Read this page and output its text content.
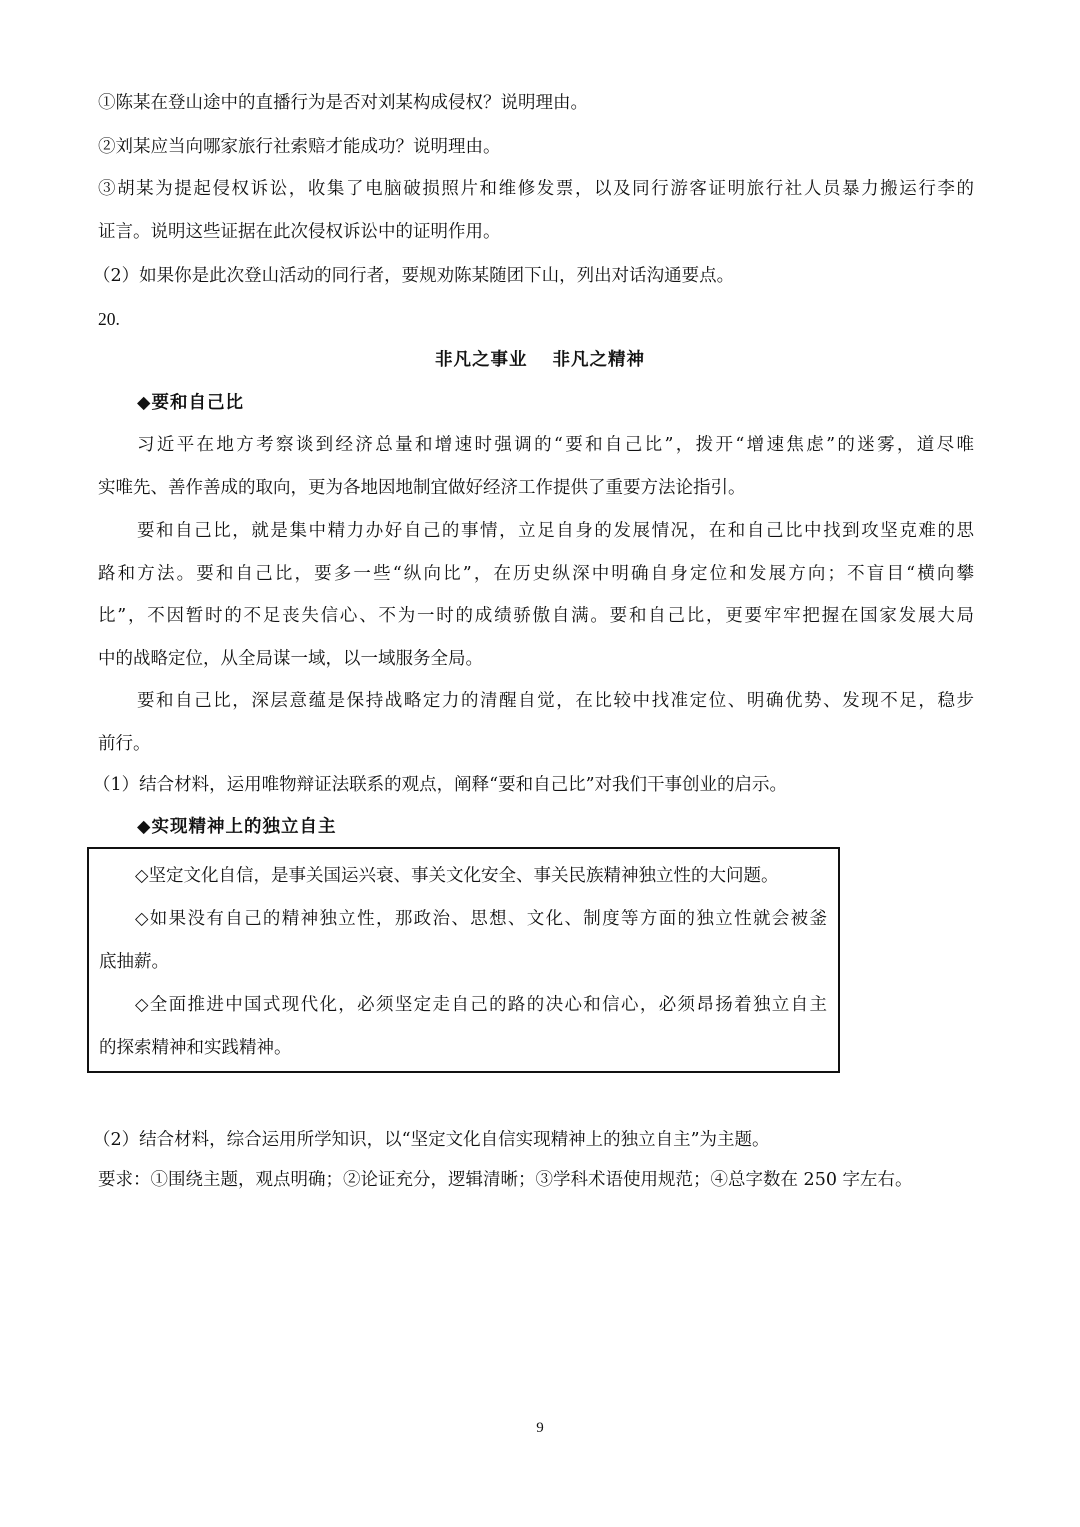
①陈某在登山途中的直播行为是否对刘某构成侵权？说明理由。
②刘某应当向哪家旅行社索赔才能成功？说明理由。
③胡某为提起侵权诉讼，收集了电脑破损照片和维修发票，以及同行游客证明旅行社人员暴力搬运行李的
证言。说明这些证据在此次侵权诉讼中的证明作用。
（2）如果你是此次登山活动的同行者，要规劝陈某随团下山，列出对话沟通要点。
20.
非凡之事业 非凡之精神
◆要和自己比
习近平在地方考察谈到经济总量和增速时强调的“要和自己比”，拨开“增速焦虑”的迷雾，道尽唯
实唯先、善作善成的取向，更为各地因地制宜做好经济工作提供了重要方法论指引。
要和自己比，就是集中精力办好自己的事情，立足自身的发展情况，在和自己比中找到攻坚克难的思
路和方法。要和自己比，要多一些“纵向比”，在历史纵深中明确自身定位和发展方向；不盲目“横向攀
比”，不因暂时的不足丧失信心、不为一时的成绩骄傲自满。要和自己比，更要牢牢把握在国家发展大局
中的战略定位，从全局谋一域，以一域服务全局。
要和自己比，深层意蕴是保持战略定力的清醒自觉，在比较中找准定位、明确优势、发现不足，稳步
前行。
（1）结合材料，运用唯物辩证法联系的观点，阐释“要和自己比”对我们干事创业的启示。
◆实现精神上的独立自主
◇坚定文化自信，是事关国运兴衰、事关文化安全、事关民族精神独立性的大问题。
◇如果没有自己的精神独立性，那政治、思想、文化、制度等方面的独立性就会被釜
底抽薪。
◇全面推进中国式现代化，必须坚定走自己的路的决心和信心，必须昂扬着独立自主
的探索精神和实践精神。
（2）结合材料，综合运用所学知识，以“坚定文化自信实现精神上的独立自主”为主题。
要求：①围绕主题，观点明确；②论证充分，逻辑清晰；③学科术语使用规范；④总字数在 250 字左右。
9
